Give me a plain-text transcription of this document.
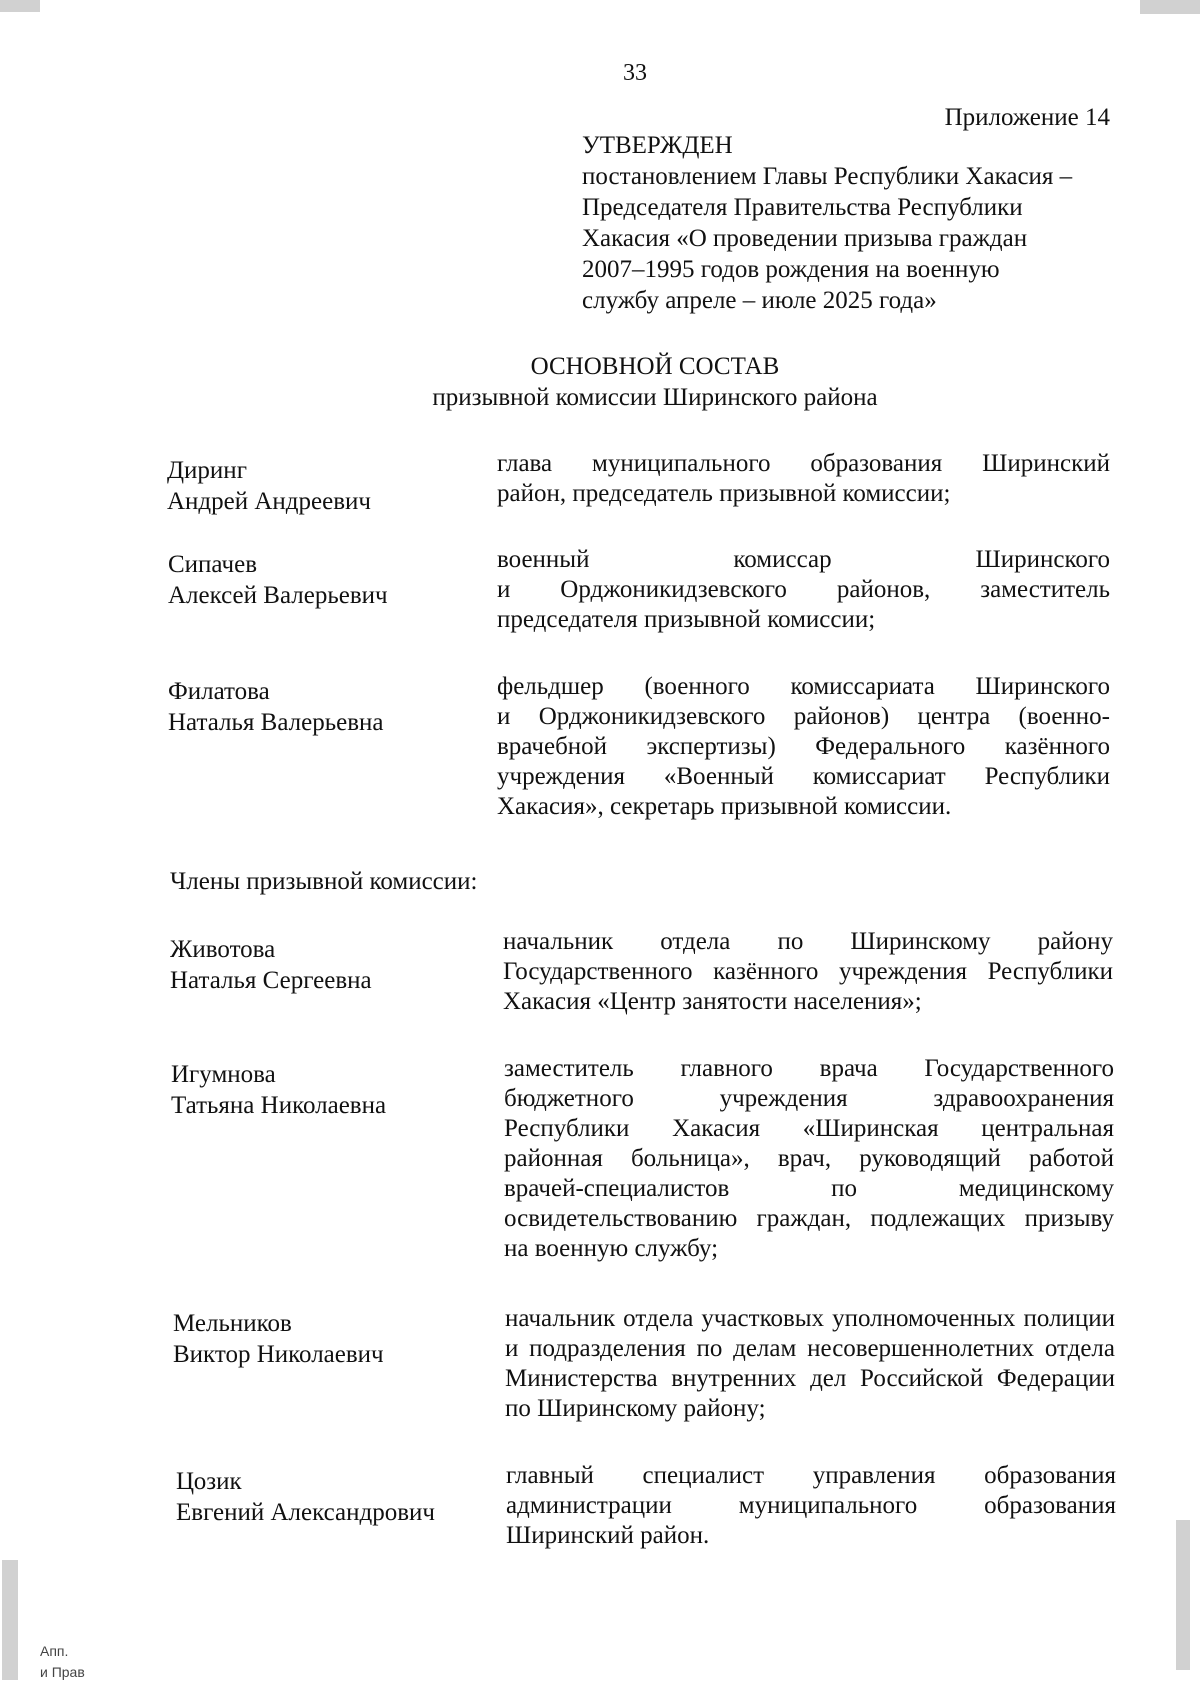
33
Приложение 14
УТВЕРЖДЕН
постановлением Главы Республики Хакасия –
Председателя Правительства Республики
Хакасия «О проведении призыва граждан
2007–1995 годов рождения на военную
службу апреле – июле 2025 года»
ОСНОВНОЙ СОСТАВ
призывной комиссии Ширинского района
Диринг
Андрей Андреевич
глава муниципального образования Ширинский
район, председатель призывной комиссии;
Сипачев
Алексей Валерьевич
военный комиссар Ширинского
и Орджоникидзевского районов, заместитель
председателя призывной комиссии;
Филатова
Наталья Валерьевна
фельдшер (военного комиссариата Ширинского
и Орджоникидзевского районов) центра (военно-
врачебной экспертизы) Федерального казённого
учреждения «Военный комиссариат Республики
Хакасия», секретарь призывной комиссии.
Члены призывной комиссии:
Животова
Наталья Сергеевна
начальник отдела по Ширинскому району
Государственного казённого учреждения Республики
Хакасия «Центр занятости населения»;
Игумнова
Татьяна Николаевна
заместитель главного врача Государственного
бюджетного учреждения здравоохранения
Республики Хакасия «Ширинская центральная
районная больница», врач, руководящий работой
врачей-специалистов по медицинскому
освидетельствованию граждан, подлежащих призыву
на военную службу;
Мельников
Виктор Николаевич
начальник отдела участковых уполномоченных полиции
и подразделения по делам несовершеннолетних отдела
Министерства внутренних дел Российской Федерации
по Ширинскому району;
Цозик
Евгений Александрович
главный специалист управления образования
администрации муниципального образования
Ширинский район.
Апп.
и Прав
